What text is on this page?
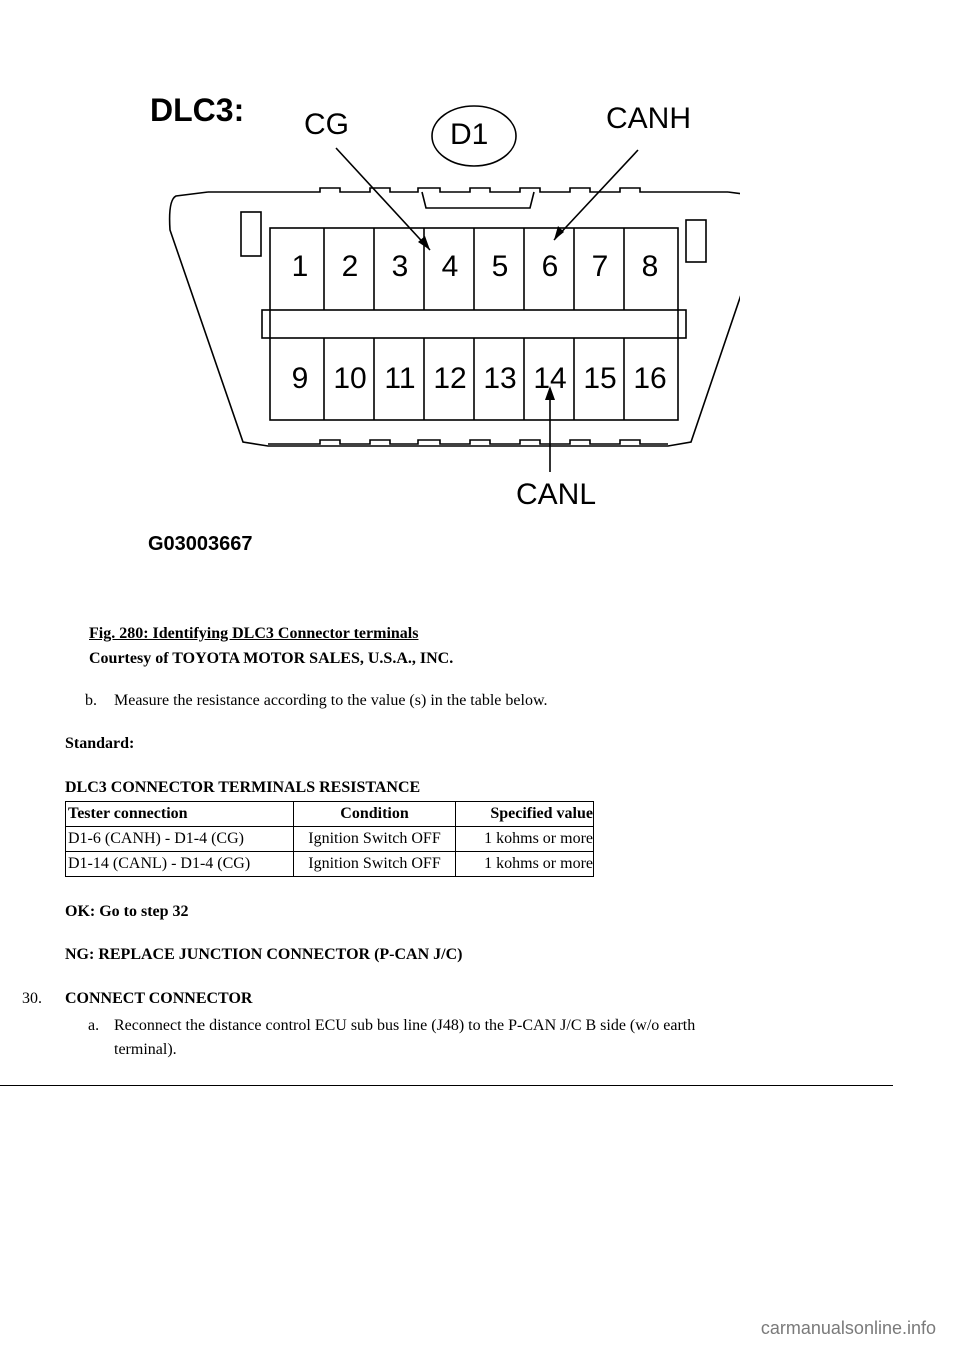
DLC3: CG	D1	CANH
CANL
G03003667
1 2 3 4 5 6 7 8
9 10 11 12 13 14 15 16
Fig. 280: Identifying DLC3 Connector terminals
Courtesy of TOYOTA MOTOR SALES, U.S.A., INC.
b. Measure the resistance according to the value (s) in the table below.
Standard:
DLC3 CONNECTOR TERMINALS RESISTANCE
Tester connection	Condition	Specified value
D1-6 (CANH) - D1-4 (CG)	Ignition Switch OFF	1 kohms or more
D1-14 (CANL) - D1-4 (CG)	Ignition Switch OFF	1 kohms or more
OK: Go to step 32
NG: REPLACE JUNCTION CONNECTOR (P-CAN J/C)
30. CONNECT CONNECTOR
a. Reconnect the distance control ECU sub bus line (J48) to the P-CAN J/C B side (w/o earth
terminal).
carmanualsonline.info
